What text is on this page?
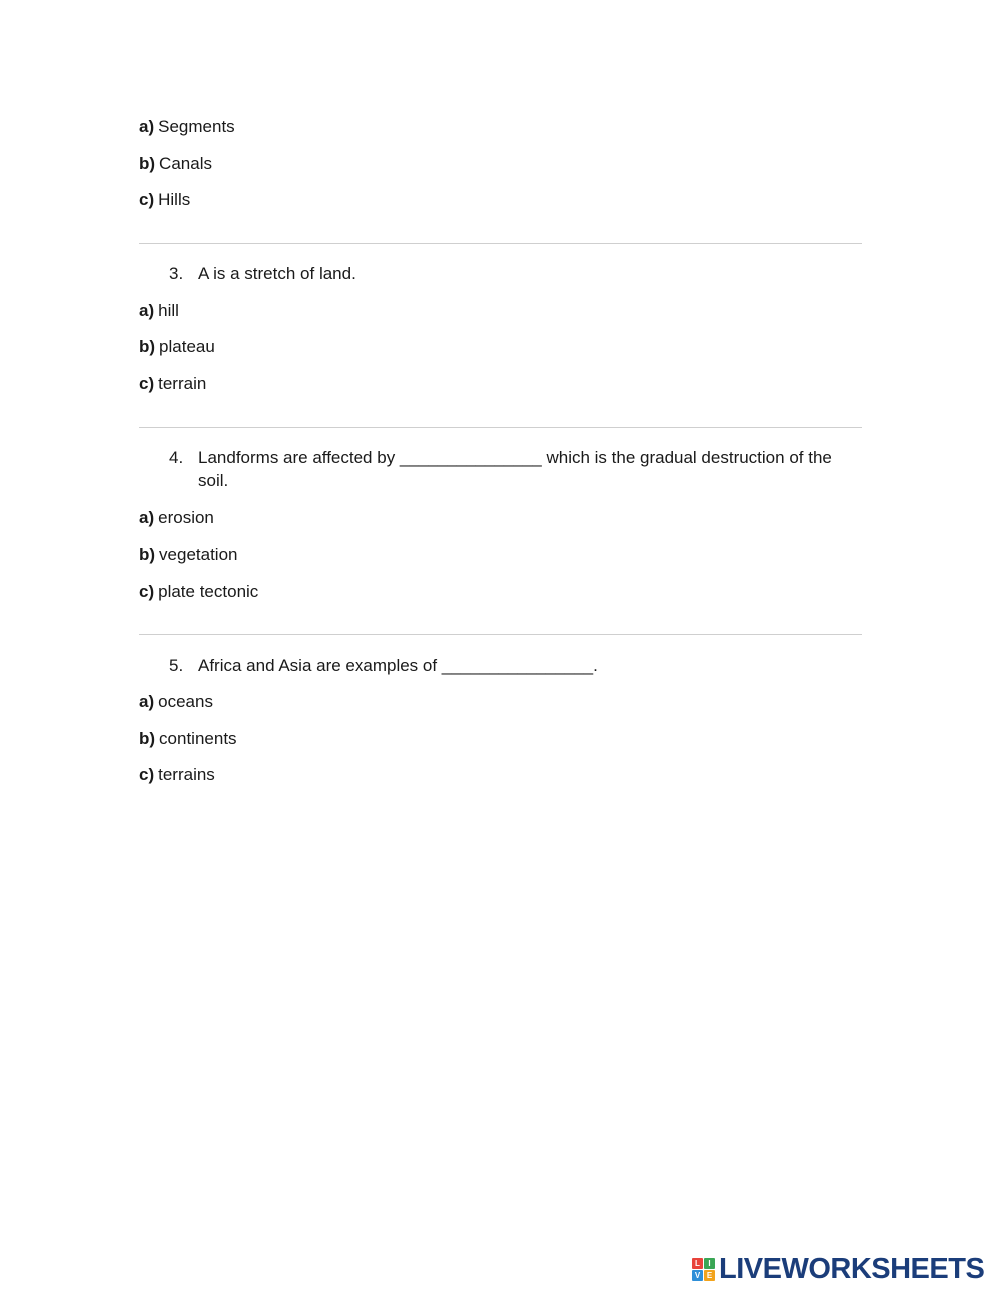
a) Segments
b) Canals
c) Hills
3. A is a stretch of land.
a) hill
b) plateau
c) terrain
4. Landforms are affected by _______________ which is the gradual destruction of the soil.
a) erosion
b) vegetation
c) plate tectonic
5. Africa and Asia are examples of ________________.
a) oceans
b) continents
c) terrains
L	I
V E LIVEWORKSHEETS
